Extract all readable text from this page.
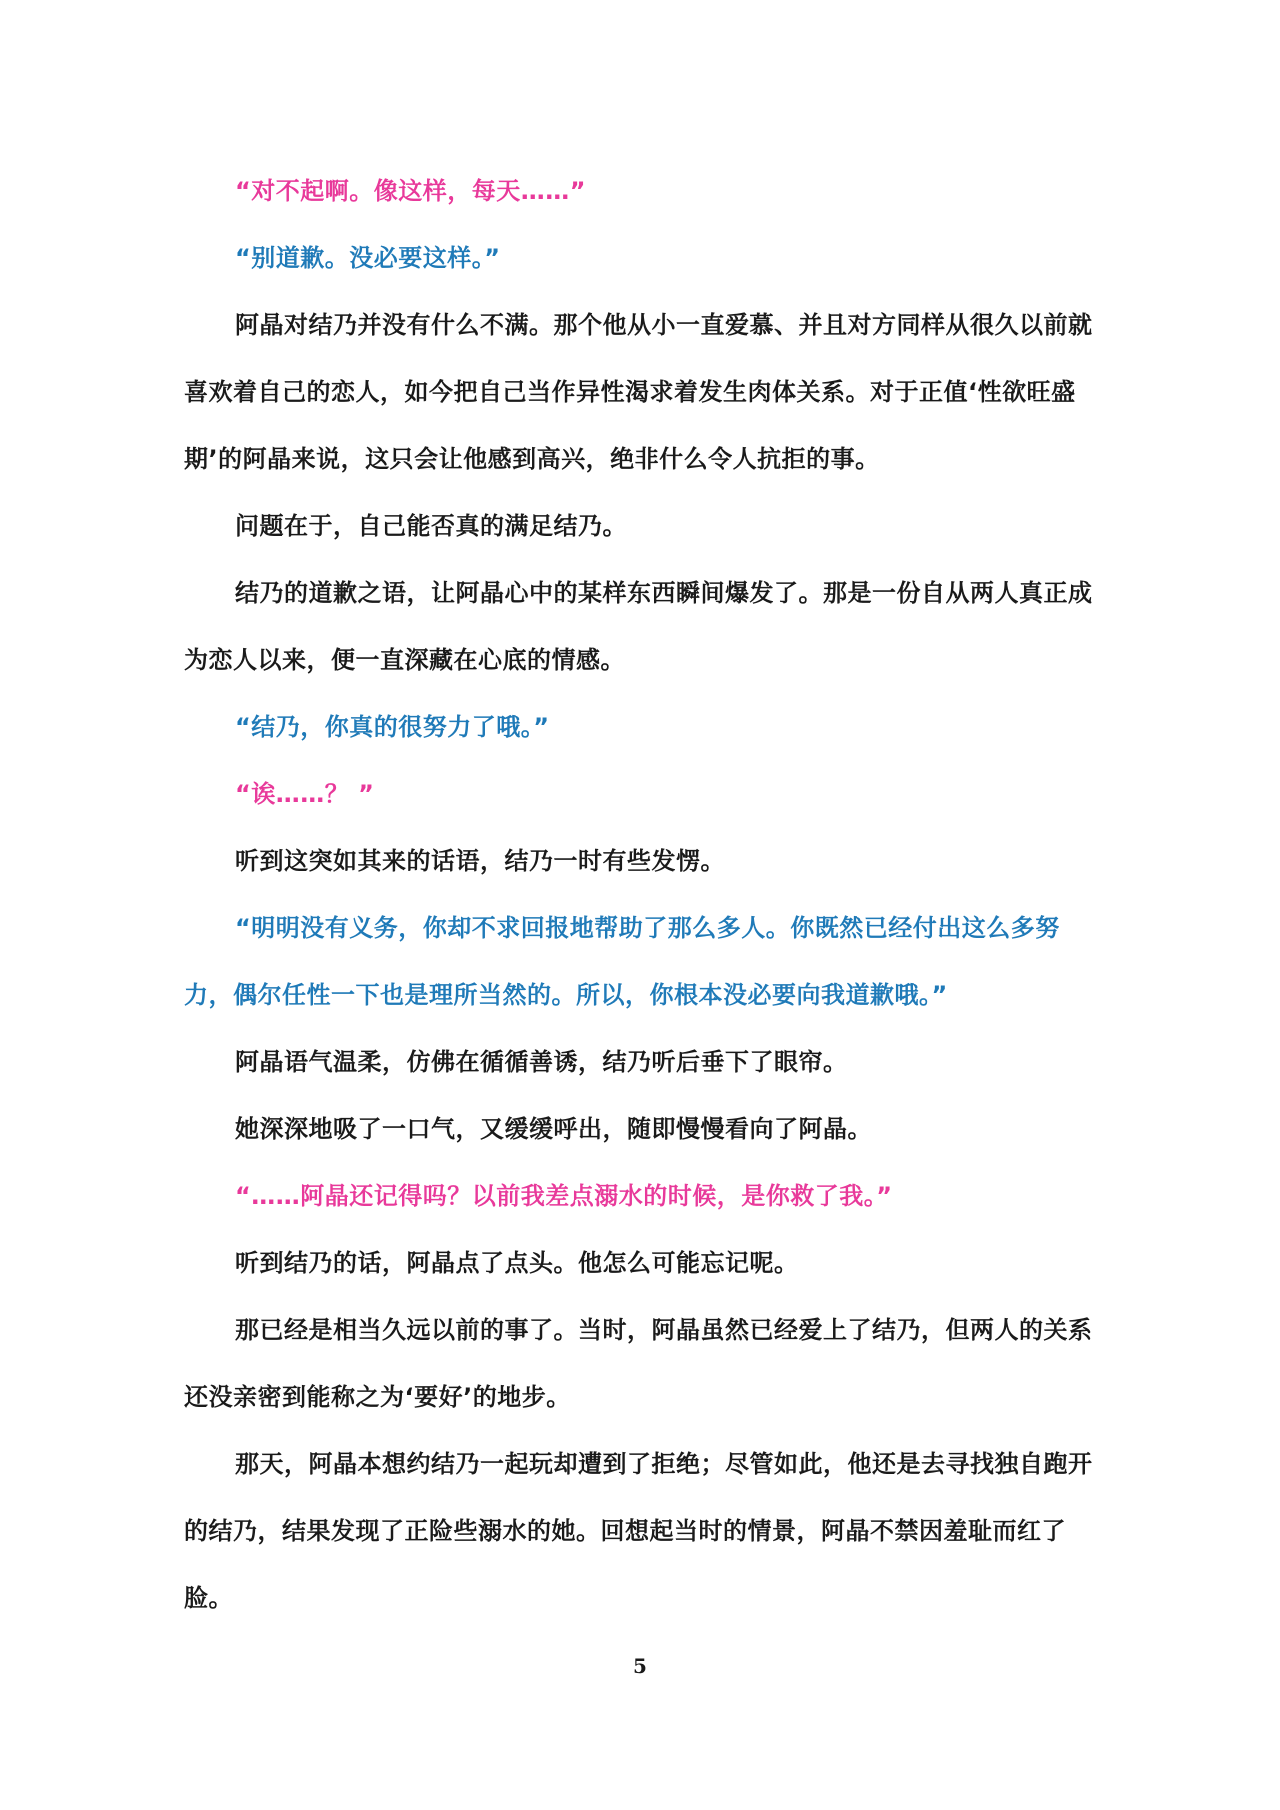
“对不起啊。像这样，每天……”

“别道歉。没必要这样。”

阿晶对结乃并没有什么不满。那个他从小一直爱慕、并且对方同样从很久以前就喜欢着自己的恋人，如今把自己当作异性渴求着发生肉体关系。对于正值‘性欲旺盛期’的阿晶来说，这只会让他感到高兴，绝非什么令人抗拒的事。

问题在于，自己能否真的满足结乃。

结乃的道歉之语，让阿晶心中的某样东西瞬间爆发了。那是一份自从两人真正成为恋人以来，便一直深藏在心底的情感。

“结乃，你真的很努力了哦。”

“诶……？ ”

听到这突如其来的话语，结乃一时有些发愣。

“明明没有义务，你却不求回报地帮助了那么多人。你既然已经付出这么多努力，偶尔任性一下也是理所当然的。所以，你根本没必要向我道歉哦。”

阿晶语气温柔，仿佛在循循善诱，结乃听后垂下了眼帘。

她深深地吸了一口气，又缓缓呼出，随即慢慢看向了阿晶。

“……阿晶还记得吗？以前我差点溺水的时候，是你救了我。”

听到结乃的话，阿晶点了点头。他怎么可能忘记呢。

那已经是相当久远以前的事了。当时，阿晶虽然已经爱上了结乃，但两人的关系还没亲密到能称之为‘要好’的地步。

那天，阿晶本想约结乃一起玩却遭到了拒绝；尽管如此，他还是去寻找独自跑开的结乃，结果发现了正险些溺水的她。回想起当时的情景，阿晶不禁因羞耻而红了脸。

5
